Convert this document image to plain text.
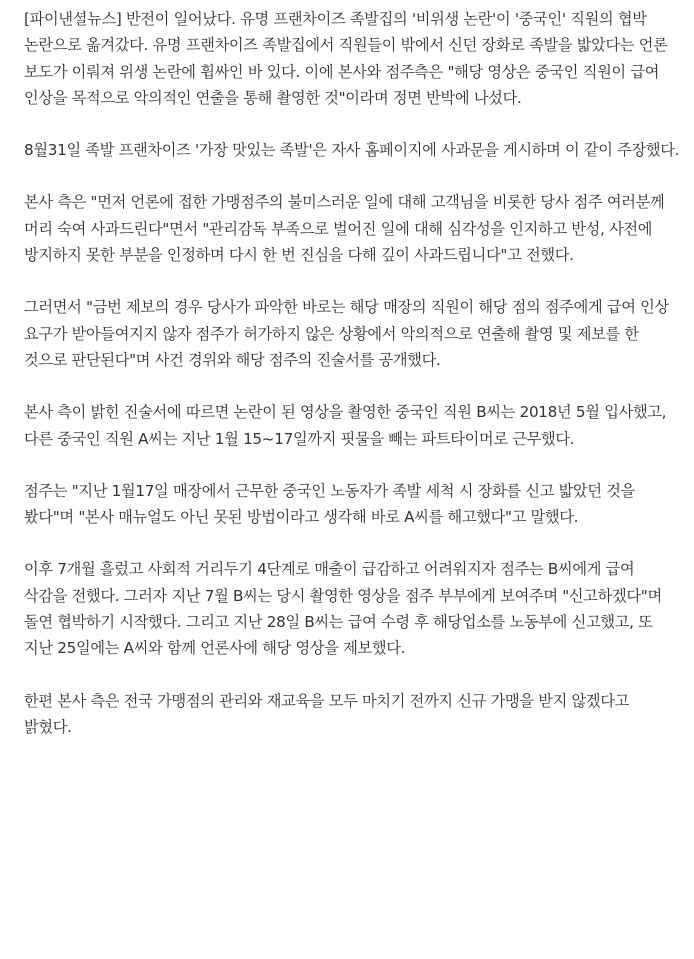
[파이낸셜뉴스] 반전이 일어났다. 유명 프랜차이즈 족발집의 '비위생 논란'이 '중국인' 직원의 협박 논란으로 옮겨갔다. 유명 프랜차이즈 족발집에서 직원들이 밖에서 신던 장화로 족발을 밟았다는 언론 보도가 이뤄져 위생 논란에 휩싸인 바 있다. 이에 본사와 점주측은 "해당 영상은 중국인 직원이 급여 인상을 목적으로 악의적인 연출을 통해 촬영한 것"이라며 정면 반박에 나섰다.

8월31일 족발 프랜차이즈 '가장 맛있는 족발'은 자사 홈페이지에 사과문을 게시하며 이 같이 주장했다.

본사 측은 "먼저 언론에 접한 가맹점주의 불미스러운 일에 대해 고객님을 비롯한 당사 점주 여러분께 머리 숙여 사과드린다"면서 "관리감독 부족으로 벌어진 일에 대해 심각성을 인지하고 반성, 사전에 방지하지 못한 부분을 인정하며 다시 한 번 진심을 다해 깊이 사과드립니다"고 전했다.

그러면서 "금번 제보의 경우 당사가 파악한 바로는 해당 매장의 직원이 해당 점의 점주에게 급여 인상 요구가 받아들여지지 않자 점주가 허가하지 않은 상황에서 악의적으로 연출해 촬영 및 제보를 한 것으로 판단된다"며 사건 경위와 해당 점주의 진술서를 공개했다.

본사 측이 밝힌 진술서에 따르면 논란이 된 영상을 촬영한 중국인 직원 B씨는 2018년 5월 입사했고, 다른 중국인 직원 A씨는 지난 1월 15~17일까지 핏물을 빼는 파트타이머로 근무했다.

점주는 "지난 1월17일 매장에서 근무한 중국인 노동자가 족발 세척 시 장화를 신고 밟았던 것을 봤다"며 "본사 매뉴얼도 아닌 못된 방법이라고 생각해 바로 A씨를 해고했다"고 말했다.

이후 7개월 흘렀고 사회적 거리두기 4단계로 매출이 급감하고 어려워지자 점주는 B씨에게 급여 삭감을 전했다. 그러자 지난 7월 B씨는 당시 촬영한 영상을 점주 부부에게 보여주며 "신고하겠다"며 돌연 협박하기 시작했다. 그리고 지난 28일 B씨는 급여 수령 후 해당업소를 노동부에 신고했고, 또 지난 25일에는 A씨와 함께 언론사에 해당 영상을 제보했다.

한편 본사 측은 전국 가맹점의 관리와 재교육을 모두 마치기 전까지 신규 가맹을 받지 않겠다고 밝혔다.
